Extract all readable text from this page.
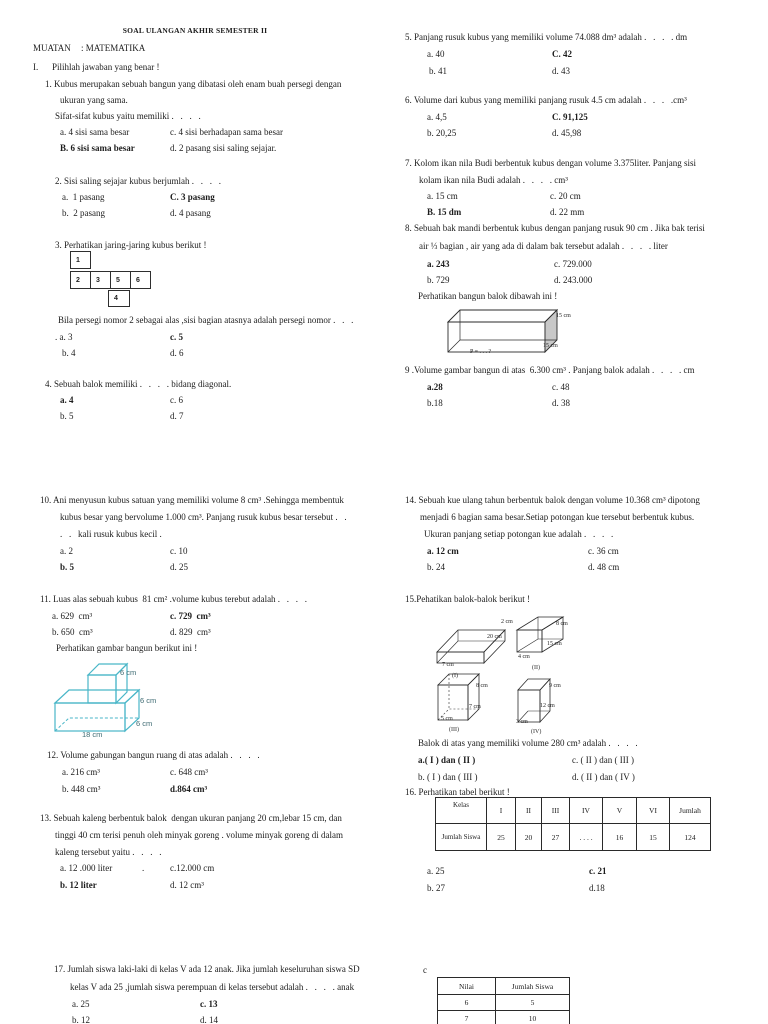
SOAL ULANGAN AKHIR SEMESTER II
MUATAN : MATEMATIKA
I. Pilihlah jawaban yang benar !
1. Kubus merupakan sebuah bangun yang dibatasi oleh enam buah persegi dengan
ukuran yang sama.
Sifat-sifat kubus yaitu memiliki .  .  .  .
a. 4 sisi sama besar	c. 4 sisi berhadapan sama besar
B. 6 sisi sama besar	d. 2 pasang sisi saling sejajar.
2. Sisi saling sejajar kubus berjumlah .  .  .  .
a.  1 pasang	C. 3 pasang
b.  2 pasang	d. 4 pasang
3. Perhatikan jaring-jaring kubus berikut !
1
2	3	5	6
4
Bila persegi nomor 2 sebagai alas ,sisi bagian atasnya adalah persegi nomor .  .  .
. a. 3	c. 5
b. 4	d. 6
4. Sebuah balok memiliki .  .  .  . bidang diagonal.
a. 4	c. 6
b. 5	d. 7
5. Panjang rusuk kubus yang memiliki volume 74.088 dm³ adalah .  .  .  . dm
a. 40	C. 42
b. 41	d. 43
6. Volume dari kubus yang memiliki panjang rusuk 4.5 cm adalah .  .  .  .cm³
a. 4,5	C. 91,125
b. 20,25	d. 45,98
7. Kolom ikan nila Budi berbentuk kubus dengan volume 3.375liter. Panjang sisi
kolam ikan nila Budi adalah .  .  .  . cm³
a. 15 cm	c. 20 cm
B. 15 dm	d. 22 mm
8. Sebuah bak mandi berbentuk kubus dengan panjang rusuk 90 cm . Jika bak terisi
air ⅓ bagian , air yang ada di dalam bak tersebut adalah .  .  .  . liter
a. 243	c. 729.000
b. 729	d. 243.000
Perhatikan bangun balok dibawah ini !
15 cm
15 cm
P = . . . ?
9 .Volume gambar bangun di atas  6.300 cm³ . Panjang balok adalah .  .  .  . cm
a.28	c. 48
b.18	d. 38
10. Ani menyusun kubus satuan yang memiliki volume 8 cm³ .Sehingga membentuk
kubus besar yang bervolume 1.000 cm³. Panjang rusuk kubus besar tersebut .  .
.  .   kali rusuk kubus kecil .
a. 2	c. 10
b. 5	d. 25
11. Luas alas sebuah kubus  81 cm² .volume kubus terebut adalah .  .  .  .
a. 629  cm³	c. 729  cm³
b. 650  cm³	d. 829  cm³
Perhatikan gambar bangun berikut ini !
6 cm
6 cm
6 cm
18 cm
12. Volume gabungan bangun ruang di atas adalah .  .  .  .
a. 216 cm³	c. 648 cm³
b. 448 cm³	d.864 cm³
13. Sebuah kaleng berbentuk balok  dengan ukuran panjang 20 cm,lebar 15 cm, dan
tinggi 40 cm terisi penuh oleh minyak goreng . volume minyak goreng di dalam
kaleng tersebut yaitu .  .  .  .
a. 12 .000 liter	.	c.12.000 cm
b. 12 liter	d. 12 cm³
14. Sebuah kue ulang tahun berbentuk balok dengan volume 10.368 cm³ dipotong
menjadi 6 bagian sama besar.Setiap potongan kue tersebut berbentuk kubus.
Ukuran panjang setiap potongan kue adalah .  .  .  .
a. 12 cm	c. 36 cm
b. 24	d. 48 cm
15.Pehatikan balok-balok berikut !
2 cm
20 cm
7 cm
(I)
8 cm
15 cm
4 cm
(II)
8 cm
7 cm
5 cm
(III)
9 cm
12 cm
3 cm
(IV)
Balok di atas yang memiliki volume 280 cm³ adalah .  .  .  .
a.( I ) dan ( II )	c. ( II ) dan ( III )
b. ( I ) dan ( III )	d. ( II ) dan ( IV )
16. Perhatikan tabel berikut !
Kelas	I	II	III	IV	V	VI	Jumlah
Jumlah Siswa	25	20	27	. . . .	16	15	124
a. 25	c. 21
b. 27	d.18
17. Jumlah siswa laki-laki di kelas V ada 12 anak. Jika jumlah keseluruhan siswa SD
kelas V ada 25 ,jumlah siswa perempuan di kelas tersebut adalah .  .  .  . anak
a. 25	c. 13
b. 12	d. 14
c
Nilai	Jumlah Siswa
6	5
7	10
